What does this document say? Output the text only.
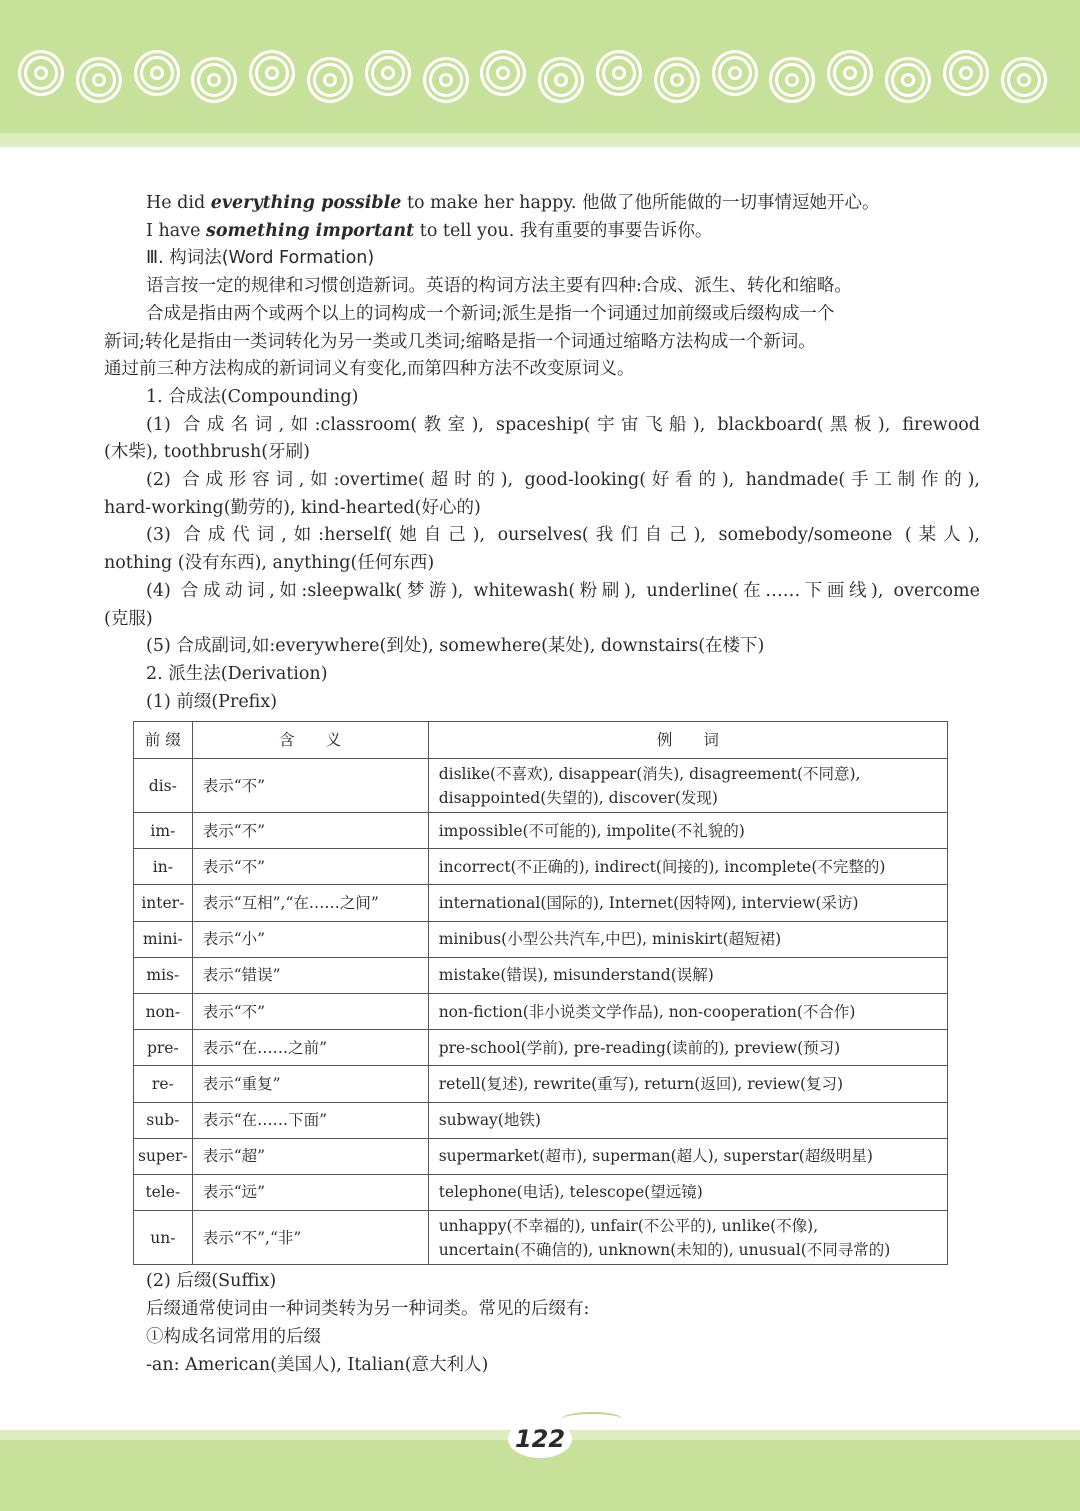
He did everything possible to make her happy. 他做了他所能做的一切事情逗她开心。

I have something important to tell you. 我有重要的事要告诉你。

Ⅲ. 构词法(Word Formation)

语言按一定的规律和习惯创造新词。英语的构词方法主要有四种:合成、派生、转化和缩略。

合成是指由两个或两个以上的词构成一个新词;派生是指一个词通过加前缀或后缀构成一个

新词;转化是指由一类词转化为另一类或几类词;缩略是指一个词通过缩略方法构成一个新词。

通过前三种方法构成的新词词义有变化,而第四种方法不改变原词义。

1. 合成法(Compounding)

(1) 合成名词,如:classroom(教室), spaceship(宇宙飞船), blackboard(黑板), firewood

(木柴), toothbrush(牙刷)

(2) 合成形容词,如:overtime(超时的), good-looking(好看的), handmade(手工制作的),

hard-working(勤劳的), kind-hearted(好心的)

(3) 合成代词,如:herself(她自己), ourselves(我们自己), somebody/someone (某人),

nothing (没有东西), anything(任何东西)

(4) 合成动词,如:sleepwalk(梦游), whitewash(粉刷), underline(在……下画线), overcome

(克服)

(5) 合成副词,如:everywhere(到处), somewhere(某处), downstairs(在楼下)

2. 派生法(Derivation)

(1) 前缀(Prefix)

前 缀	含　　义	例　　词
dis-	表示“不”	dislike(不喜欢), disappear(消失), disagreement(不同意),
disappointed(失望的), discover(发现)

im-	表示“不”	impossible(不可能的), impolite(不礼貌的)

in-	表示“不”	incorrect(不正确的), indirect(间接的), incomplete(不完整的)

inter-	表示“互相”,“在……之间”	international(国际的), Internet(因特网), interview(采访)

mini-	表示“小”	minibus(小型公共汽车,中巴), miniskirt(超短裙)

mis-	表示“错误”	mistake(错误), misunderstand(误解)

non-	表示“不”	non-fiction(非小说类文学作品), non-cooperation(不合作)

pre-	表示“在……之前”	pre-school(学前), pre-reading(读前的), preview(预习)

re-	表示“重复”	retell(复述), rewrite(重写), return(返回), review(复习)

sub-	表示“在……下面”	subway(地铁)

super-	表示“超”	supermarket(超市), superman(超人), superstar(超级明星)

tele-	表示“远”	telephone(电话), telescope(望远镜)

un-	表示“不”,“非”	unhappy(不幸福的), unfair(不公平的), unlike(不像),
uncertain(不确信的), unknown(未知的), unusual(不同寻常的)

(2) 后缀(Suffix)

后缀通常使词由一种词类转为另一种词类。常见的后缀有:

①构成名词常用的后缀

-an: American(美国人), Italian(意大利人)

122
